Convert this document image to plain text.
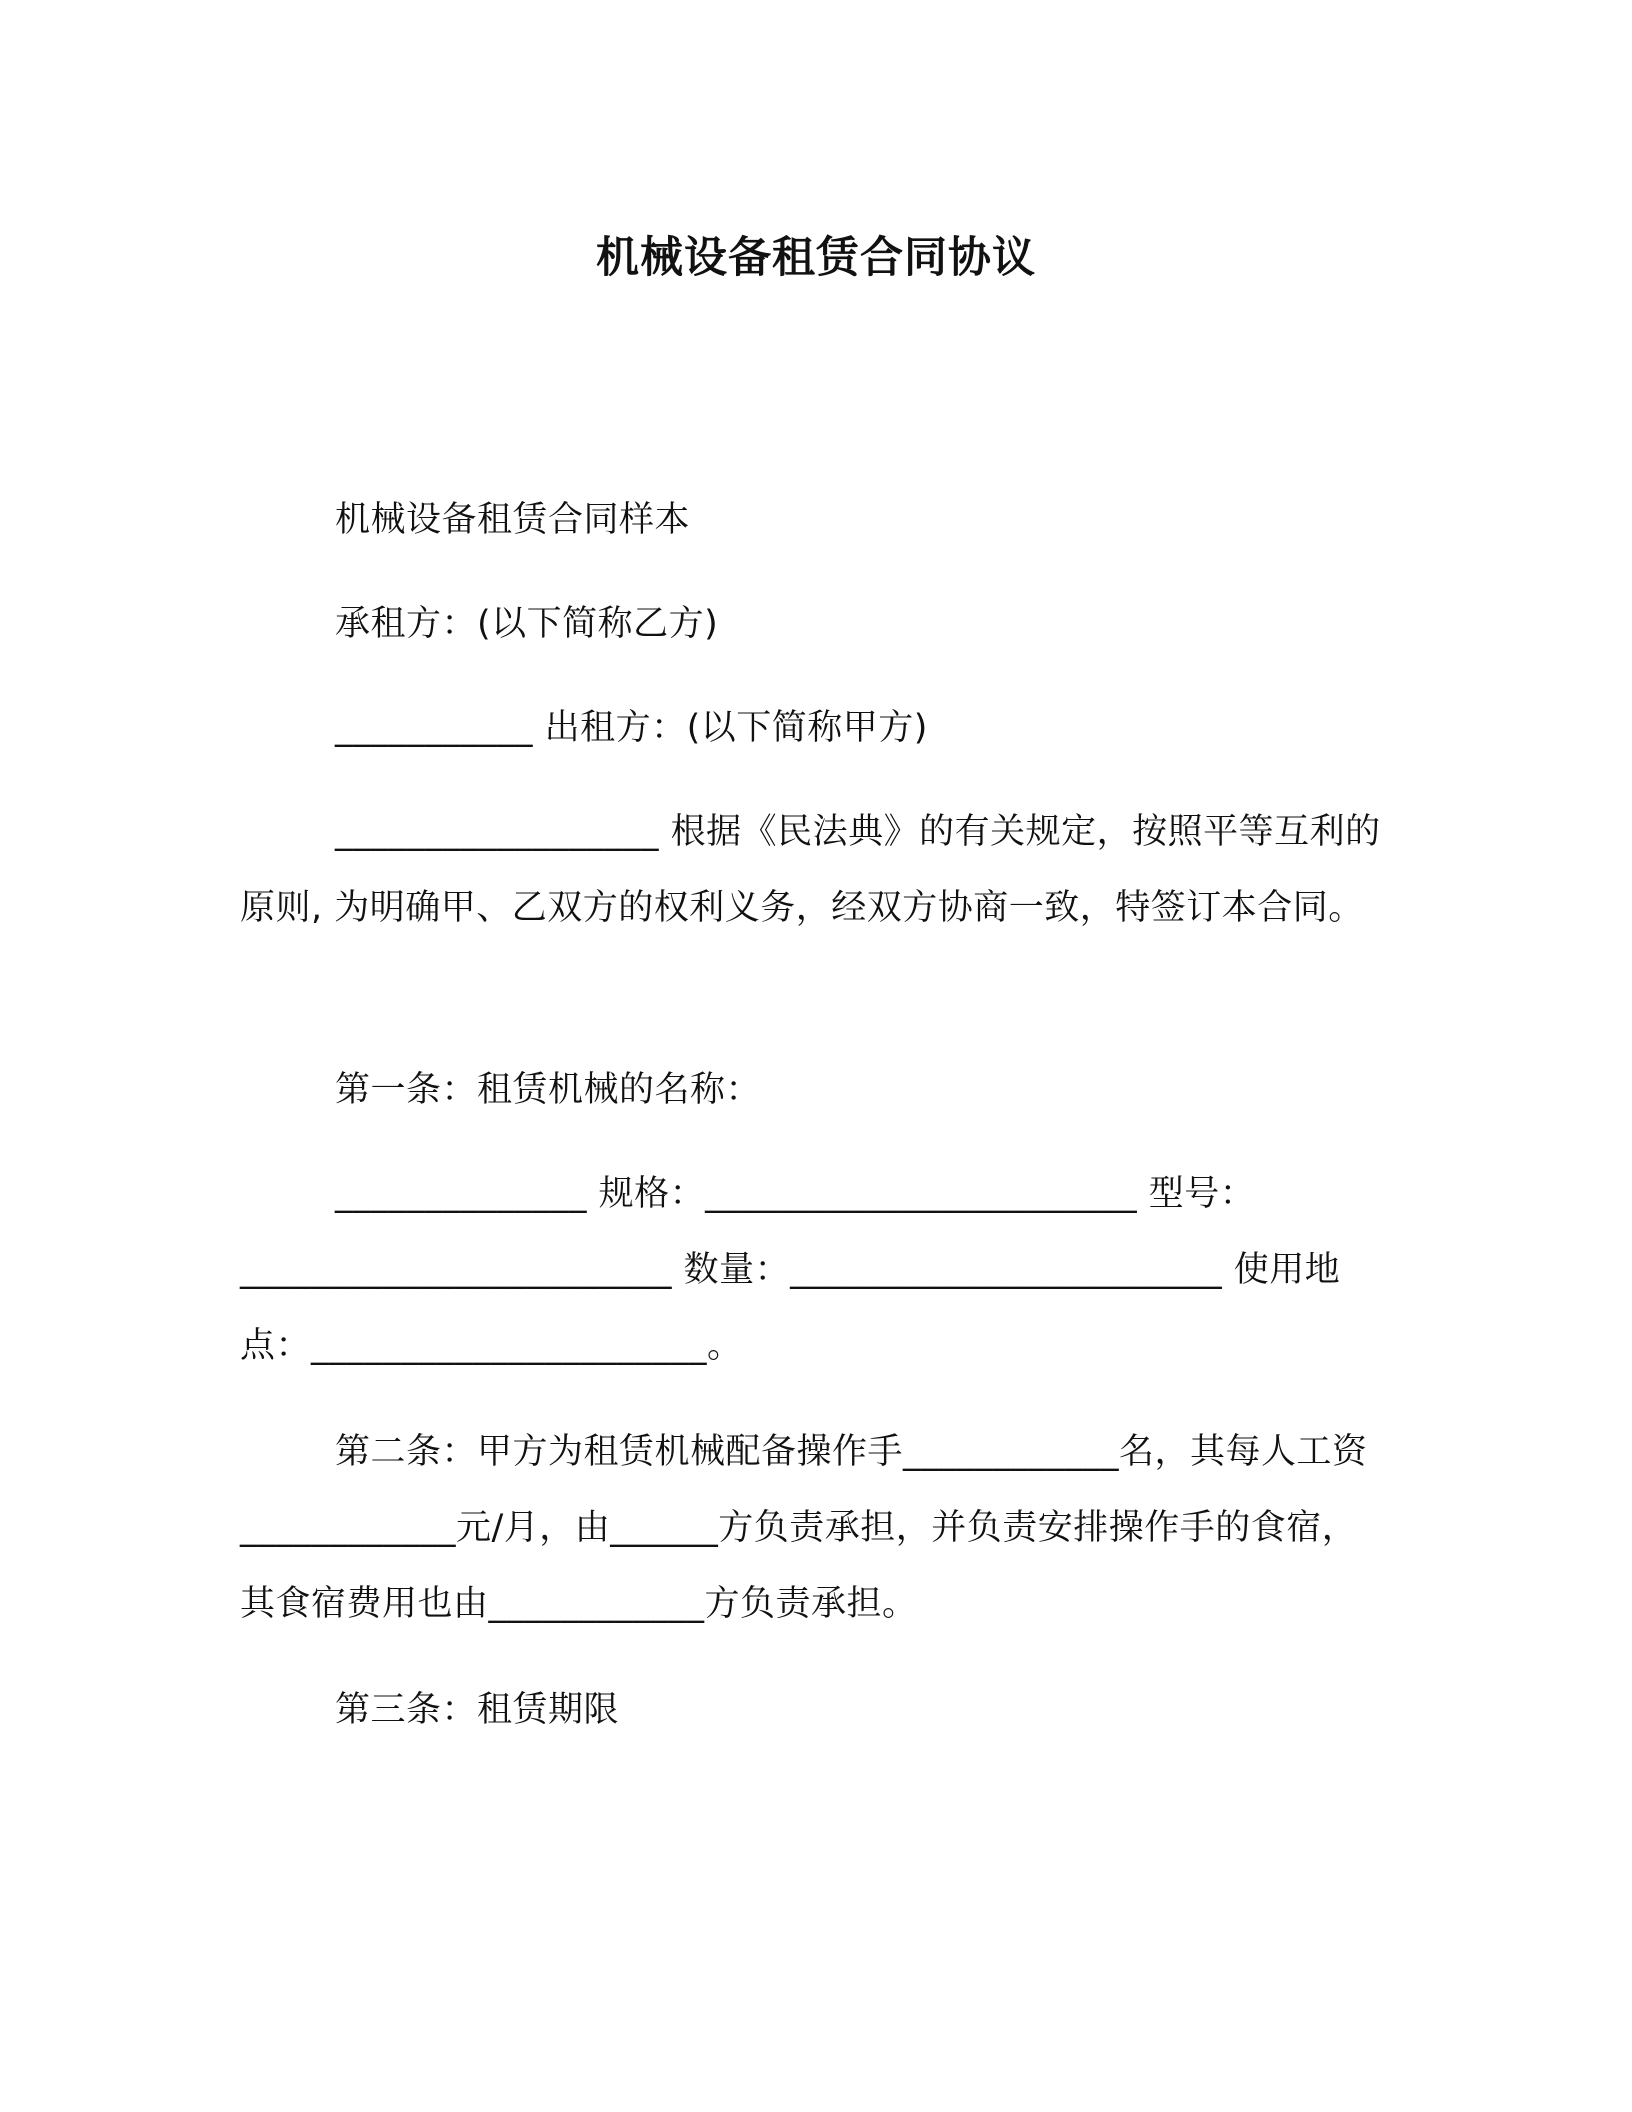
机械设备租赁合同协议
机械设备租赁合同样本
承租方：(以下简称乙方)
___________ 出租方：(以下简称甲方)
__________________ 根据《民法典》的有关规定，按照平等互利的原则, 为明确甲、乙双方的权利义务，经双方协商一致，特签订本合同。
第一条：租赁机械的名称：
______________ 规格：________________________ 型号：________________________ 数量：________________________ 使用地点：______________________。
第二条：甲方为租赁机械配备操作手____________名，其每人工资____________元/月，由______方负责承担，并负责安排操作手的食宿，其食宿费用也由____________方负责承担。
第三条：租赁期限
